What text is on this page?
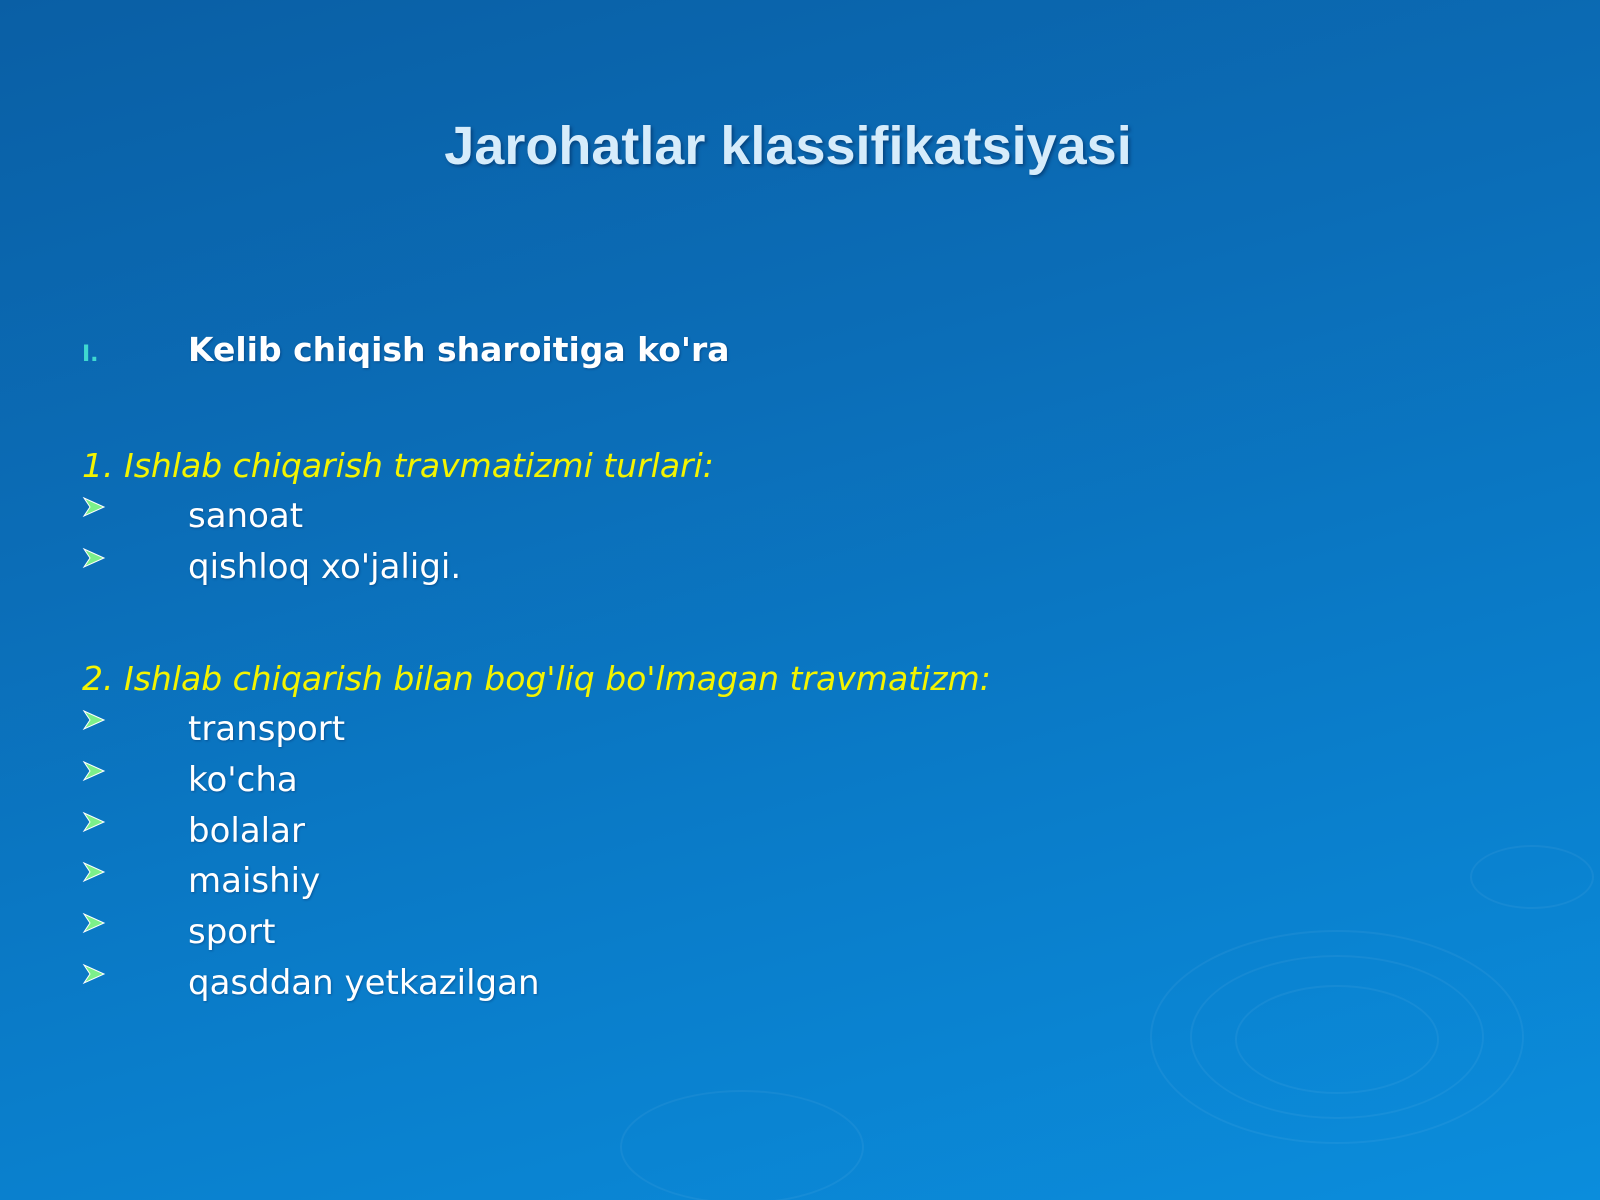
Jarohatlar klassifikatsiyasi
I.	Kelib chiqish sharoitiga ko'ra
1. Ishlab chiqarish travmatizmi turlari:
sanoat
qishloq xo'jaligi.
2. Ishlab chiqarish bilan bog'liq bo'lmagan travmatizm:
transport
ko'cha
bolalar
maishiy
sport
qasddan yetkazilgan
